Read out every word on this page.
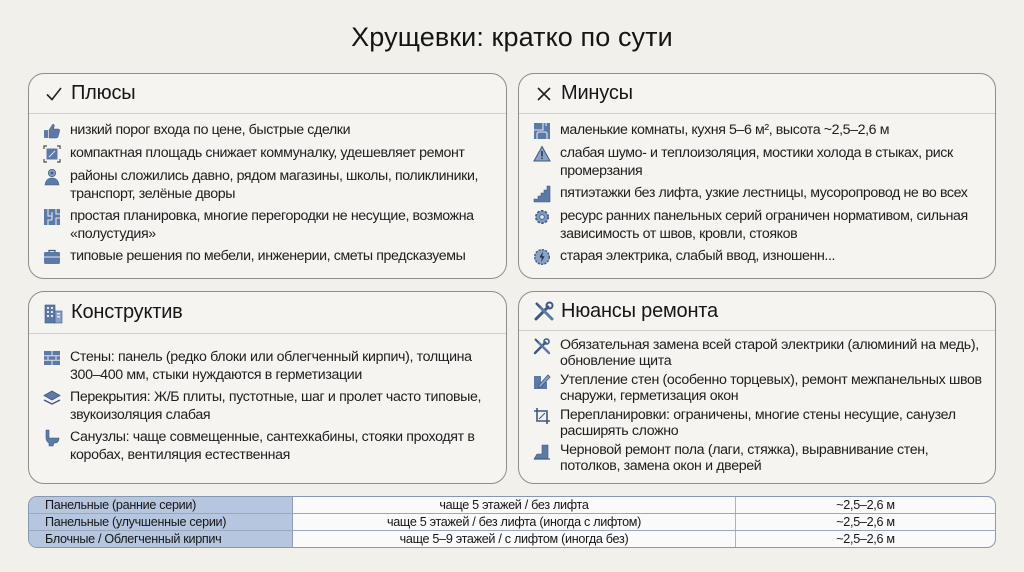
Хрущевки: кратко по сути
Плюсы
низкий порог входа по цене, быстрые сделки
компактная площадь снижает коммуналку, удешевляет ремонт
районы сложились давно, рядом магазины, школы, поликлиники, транспорт, зелёные дворы
простая планировка, многие перегородки не несущие, возможна «полустудия»
типовые решения по мебели, инженерии, сметы предсказуемы
Минусы
маленькие комнаты, кухня 5–6 м², высота ~2,5–2,6 м
слабая шумо- и теплоизоляция, мостики холода в стыках, риск промерзания
пятиэтажки без лифта, узкие лестницы, мусоропровод не во всех
ресурс ранних панельных серий ограничен нормативом, сильная зависимость от швов, кровли, стояков
старая электрика, слабый ввод, изношенн...
Конструктив
Стены: панель (редко блоки или облегченный кирпич), толщина 300–400 мм, стыки нуждаются в герметизации
Перекрытия: Ж/Б плиты, пустотные, шаг и пролет часто типовые, звукоизоляция слабая
Санузлы: чаще совмещенные, сантехкабины, стояки проходят в коробах, вентиляция естественная
Нюансы ремонта
Обязательная замена всей старой электрики (алюминий на медь), обновление щита
Утепление стен (особенно торцевых), ремонт межпанельных швов снаружи, герметизация окон
Перепланировки: ограничены, многие стены несущие, санузел расширять сложно
Черновой ремонт пола (лаги, стяжка), выравнивание стен, потолков, замена окон и дверей
Панельные (ранние серии)	чаще 5 этажей / без лифта	~2,5–2,6 м
Панельные (улучшенные серии)	чаще 5 этажей / без лифта (иногда с лифтом)	~2,5–2,6 м
Блочные / Облегченный кирпич	чаще 5–9 этажей / с лифтом (иногда без)	~2,5–2,6 м
